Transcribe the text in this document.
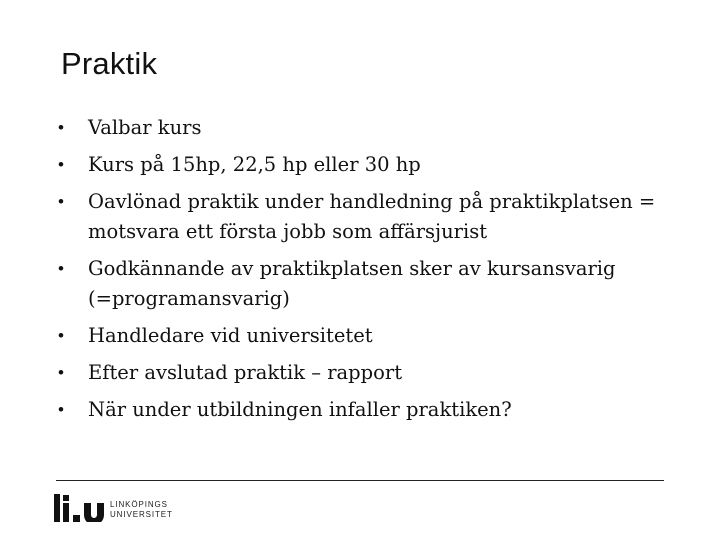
Praktik
• Valbar kurs
• Kurs på 15hp, 22,5 hp eller 30 hp
• Oavlönad praktik under handledning på praktikplatsen = motsvara ett första jobb som affärsjurist
• Godkännande av praktikplatsen sker av kursansvarig (=programansvarig)
• Handledare vid universitetet
• Efter avslutad praktik – rapport
• När under utbildningen infaller praktiken?
LINKÖPINGS
UNIVERSITET
